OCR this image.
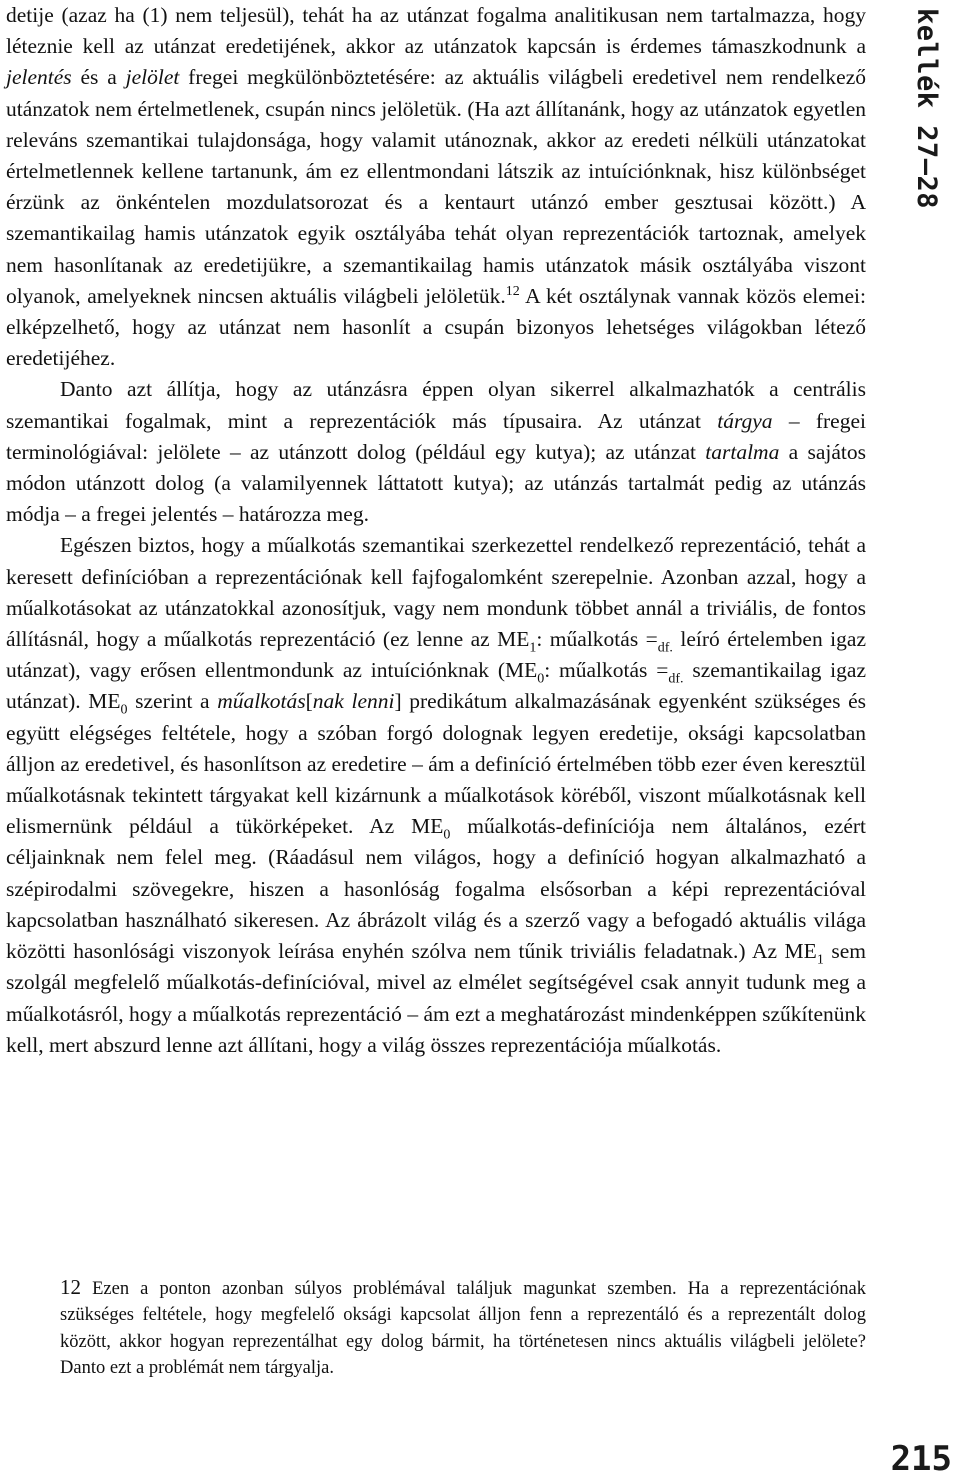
detije (azaz ha (1) nem teljesül), tehát ha az utánzat fogalma analitikusan nem tartalmazza, hogy léteznie kell az utánzat eredetijének, akkor az utánzatok kapcsán is érdemes támaszkodnunk a jelentés és a jelölet fregei megkülönböztetésére: az aktuális világbeli eredetivel nem rendelkező utánzatok nem értelmetlenek, csupán nincs jelöletük. (Ha azt állítanánk, hogy az utánzatok egyetlen releváns szemantikai tulajdonsága, hogy valamit utánoznak, akkor az eredeti nélküli utánzatokat értelmetlennek kellene tartanunk, ám ez ellentmondani látszik az intuíciónknak, hisz különbséget érzünk az önkéntelen mozdulatsorozat és a kentaurt utánzó ember gesztusai között.) A szemantikailag hamis utánzatok egyik osztályába tehát olyan reprezentációk tartoznak, amelyek nem hasonlítanak az eredetijükre, a szemantikailag hamis utánzatok másik osztályába viszont olyanok, amelyeknek nincsen aktuális világbeli jelöletük.$^{12}$ A két osztálynak vannak közös elemei: elképzelhető, hogy az utánzat nem hasonlít a csupán bizonyos lehetséges világokban létező eredetijéhez.

Danto azt állítja, hogy az utánzásra éppen olyan sikerrel alkalmazhatók a centrális szemantikai fogalmak, mint a reprezentációk más típusaira. Az utánzat tárgya – fregei terminológiával: jelölete – az utánzott dolog (például egy kutya); az utánzat tartalma a sajátos módon utánzott dolog (a valamilyennek láttatott kutya); az utánzás tartalmát pedig az utánzás módja – a fregei jelentés – határozza meg.

Egészen biztos, hogy a műalkotás szemantikai szerkezettel rendelkező reprezentáció, tehát a keresett definícióban a reprezentációnak kell fajfogalomként szerepelnie. Azonban azzal, hogy a műalkotásokat az utánzatokkal azonosítjuk, vagy nem mondunk többet annál a triviális, de fontos állításnál, hogy a műalkotás reprezentáció (ez lenne az $ME_1$: műalkotás $=_{df.}$ leíró értelemben igaz utánzat), vagy erősen ellentmondunk az intuíciónknak ($ME_0$: műalkotás $=_{df.}$ szemantikailag igaz utánzat). $ME_0$ szerint a műalkotás[nak lenni] predikátum alkalmazásának egyenként szükséges és együtt elégséges feltétele, hogy a szóban forgó dolognak legyen eredetije, oksági kapcsolatban álljon az eredetivel, és hasonlítson az eredetire – ám a definíció értelmében több ezer éven keresztül műalkotásnak tekintett tárgyakat kell kizárnunk a műalkotások köréből, viszont műalkotásnak kell elismernünk például a tükörképeket. Az $ME_0$ műalkotás-definíciója nem általános, ezért céljainknak nem felel meg. (Ráadásul nem világos, hogy a definíció hogyan alkalmazható a szépirodalmi szövegekre, hiszen a hasonlóság fogalma elsősorban a képi reprezentációval kapcsolatban használható sikeresen. Az ábrázolt világ és a szerző vagy a befogadó aktuális világa közötti hasonlósági viszonyok leírása enyhén szólva nem tűnik triviális feladatnak.) Az $ME_1$ sem szolgál megfelelő műalkotás-definícióval, mivel az elmélet segítségével csak annyit tudunk meg a műalkotásról, hogy a műalkotás reprezentáció – ám ezt a meghatározást mindenképpen szűkítenünk kell, mert abszurd lenne azt állítani, hogy a világ összes reprezentációja műalkotás.

12 Ezen a ponton azonban súlyos problémával találjuk magunkat szemben. Ha a reprezentációnak szükséges feltétele, hogy megfelelő oksági kapcsolat álljon fenn a reprezentáló és a reprezentált dolog között, akkor hogyan reprezentálhat egy dolog bármit, ha történetesen nincs aktuális világbeli jelölete? Danto ezt a problémát nem tárgyalja.
kellék 27–28
215
